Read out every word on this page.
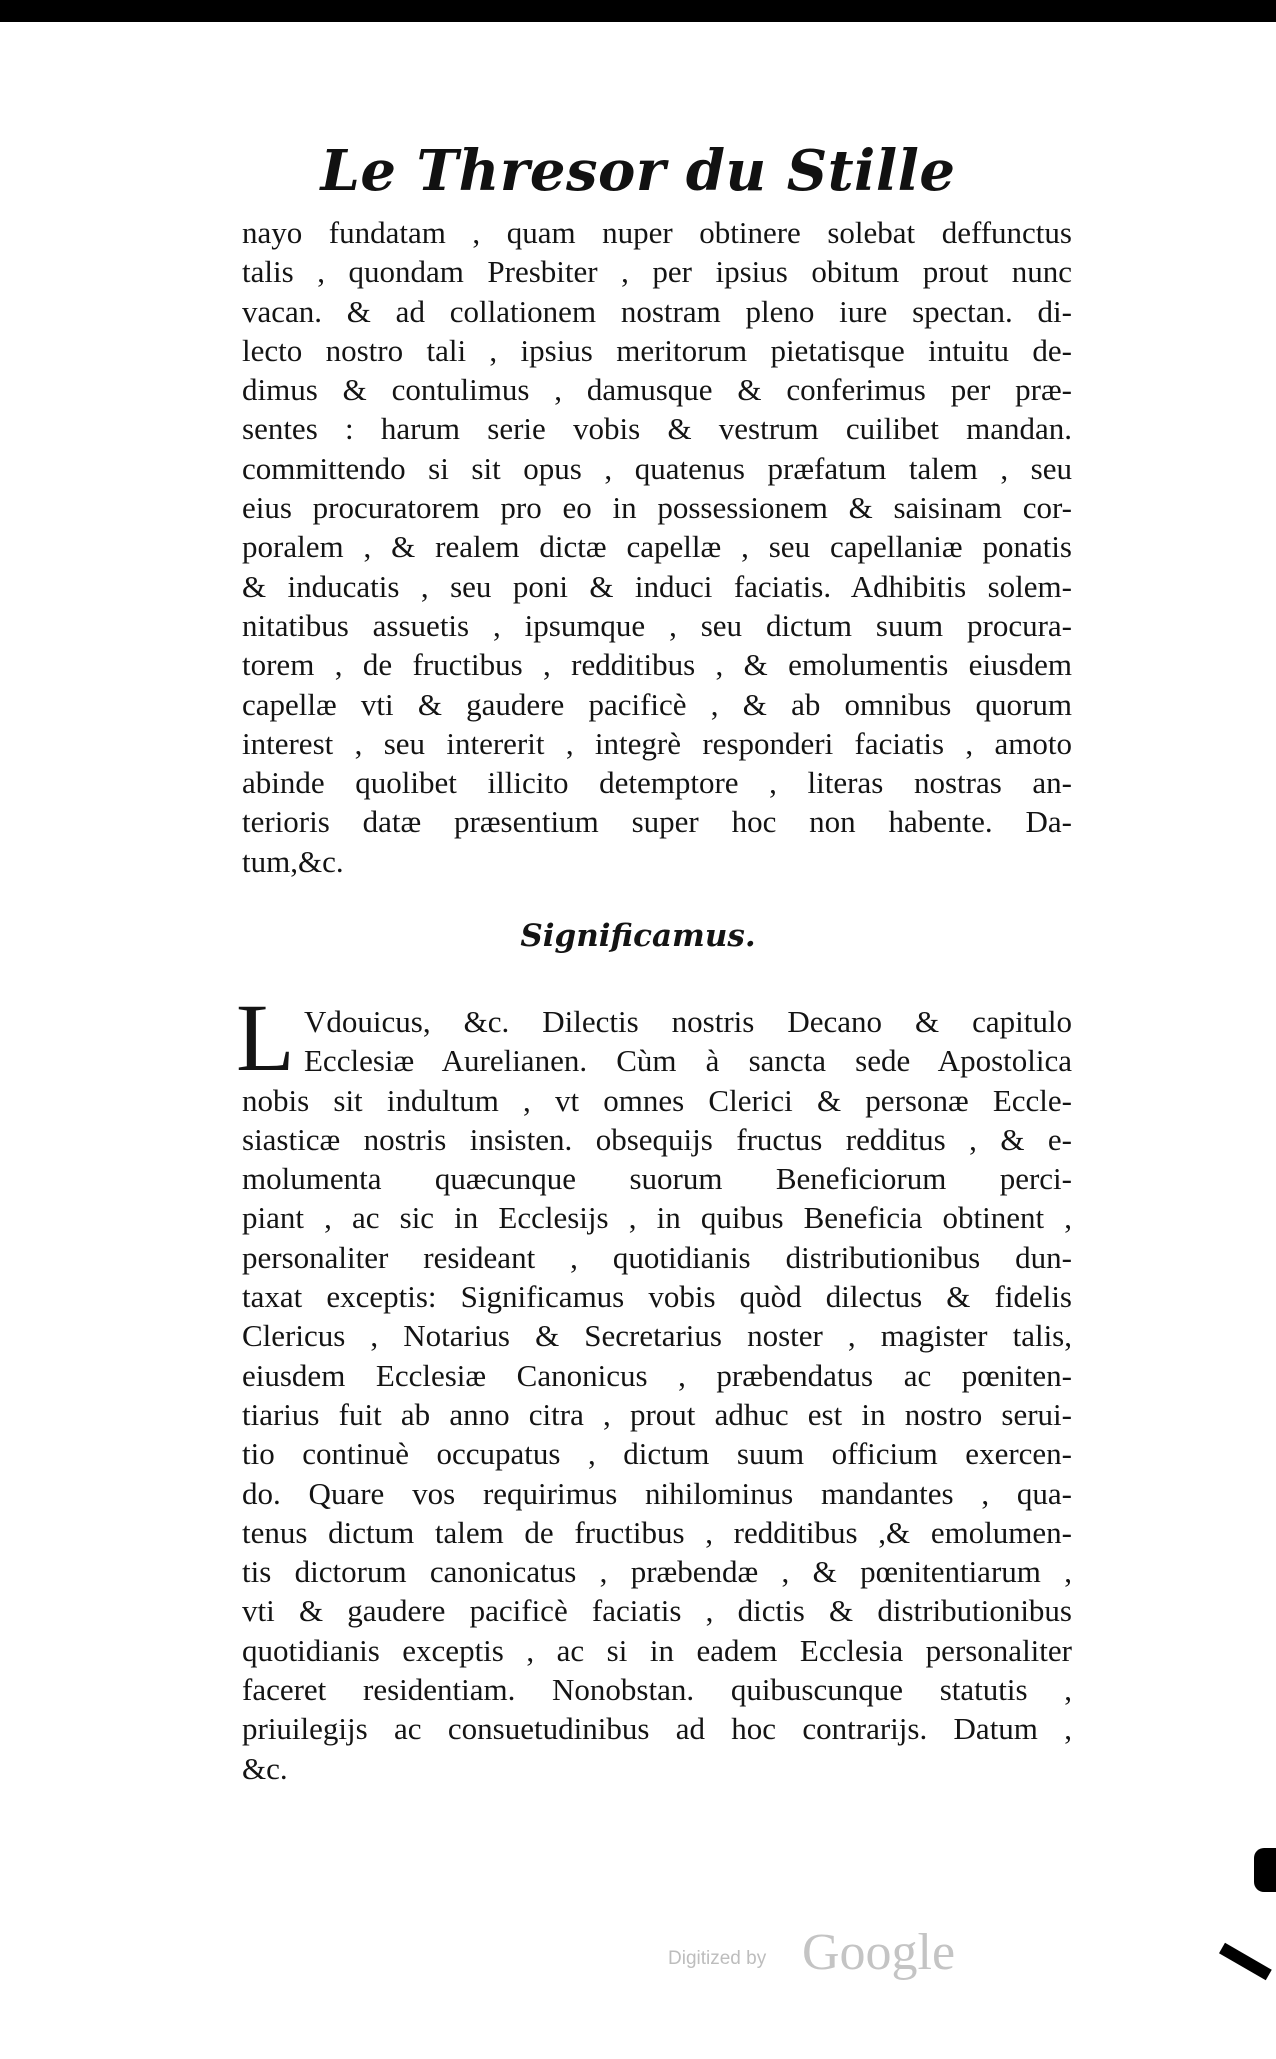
Le Thresor du Stille
nayo fundatam , quam nuper obtinere solebat deffunctus
talis , quondam Presbiter , per ipsius obitum prout nunc
vacan. & ad collationem nostram pleno iure spectan. di-
lecto nostro tali , ipsius meritorum pietatisque intuitu de-
dimus & contulimus , damusque & conferimus per præ-
sentes : harum serie vobis & vestrum cuilibet mandan.
committendo si sit opus , quatenus præfatum talem , seu
eius procuratorem pro eo in possessionem & saisinam cor-
poralem , & realem dictæ capellæ , seu capellaniæ ponatis
& inducatis , seu poni & induci faciatis. Adhibitis solem-
nitatibus assuetis , ipsumque , seu dictum suum procura-
torem , de fructibus , redditibus , & emolumentis eiusdem
capellæ vti & gaudere pacificè , & ab omnibus quorum
interest , seu intererit , integrè responderi faciatis , amoto
abinde quolibet illicito detemptore , literas nostras an-
terioris datæ præsentium super hoc non habente. Da-
tum,&c.
Significamus.
L Vdouicus, &c. Dilectis nostris Decano & capitulo
Ecclesiæ Aurelianen. Cùm à sancta sede Apostolica
nobis sit indultum , vt omnes Clerici & personæ Eccle-
siasticæ nostris insisten. obsequijs fructus redditus , & e-
molumenta quæcunque suorum Beneficiorum perci-
piant , ac sic in Ecclesijs , in quibus Beneficia obtinent ,
personaliter resideant , quotidianis distributionibus dun-
taxat exceptis: Significamus vobis quòd dilectus & fidelis
Clericus , Notarius & Secretarius noster , magister talis,
eiusdem Ecclesiæ Canonicus , præbendatus ac pœniten-
tiarius fuit ab anno citra , prout adhuc est in nostro serui-
tio continuè occupatus , dictum suum officium exercen-
do. Quare vos requirimus nihilominus mandantes , qua-
tenus dictum talem de fructibus , redditibus ,& emolumen-
tis dictorum canonicatus , præbendæ , & pœnitentiarum ,
vti & gaudere pacificè faciatis , dictis & distributionibus
quotidianis exceptis , ac si in eadem Ecclesia personaliter
faceret residentiam. Nonobstan. quibuscunque statutis ,
priuilegijs ac consuetudinibus ad hoc contrarijs. Datum ,
&c.
Digitized by Google
